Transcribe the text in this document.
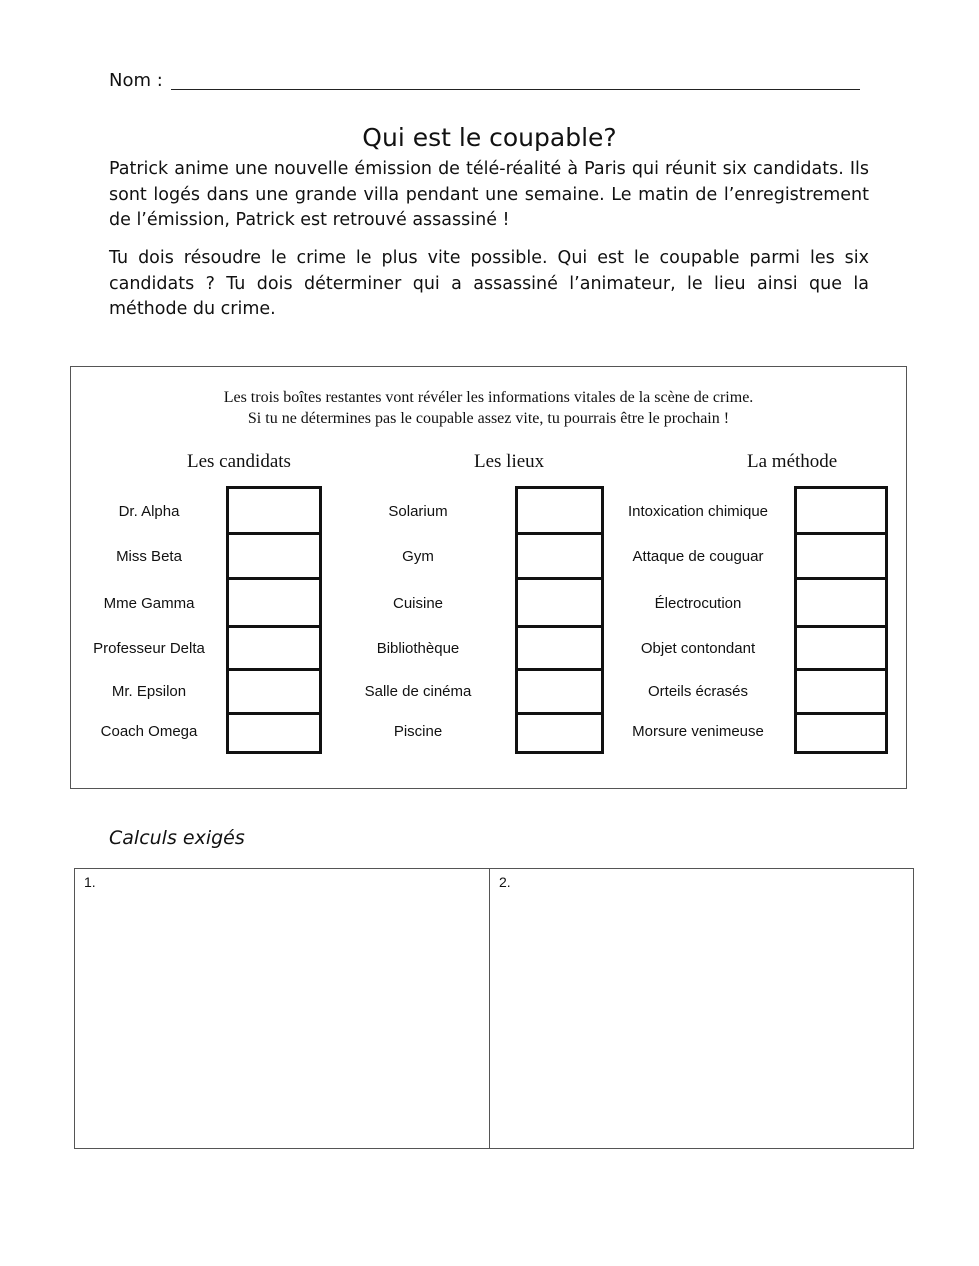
Nom :
Qui est le coupable?

Patrick anime une nouvelle émission de télé-réalité à Paris qui réunit six candidats. Ils sont logés dans une grande villa pendant une semaine. Le matin de l’enregistrement de l’émission, Patrick est retrouvé assassiné !

Tu dois résoudre le crime le plus vite possible. Qui est le coupable parmi les six candidats ? Tu dois déterminer qui a assassiné l’animateur, le lieu ainsi que la méthode du crime.

Les trois boîtes restantes vont révéler les informations vitales de la scène de crime.
Si tu ne détermines pas le coupable assez vite, tu pourrais être le prochain !
Les candidats	Les lieux	La méthode
Dr. Alpha
Miss Beta
Mme Gamma
Professeur Delta
Mr. Epsilon
Coach Omega
Solarium
Gym
Cuisine
Bibliothèque
Salle de cinéma
Piscine
Intoxication chimique
Attaque de couguar
Électrocution
Objet contondant
Orteils écrasés
Morsure venimeuse
Calculs exigés
1.	2.
